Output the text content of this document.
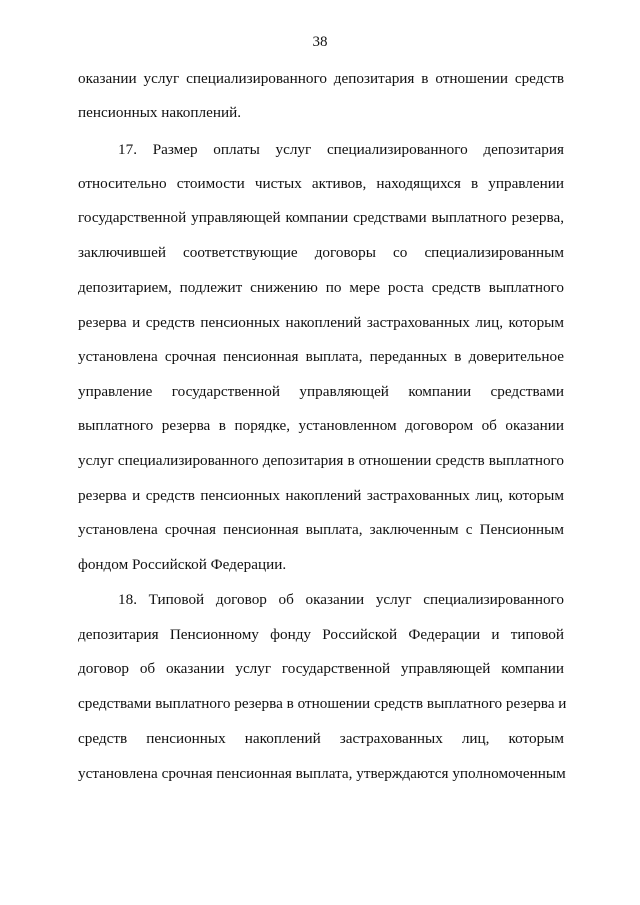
38
оказании услуг специализированного депозитария в отношении средств
пенсионных накоплений.
17. Размер оплаты услуг специализированного депозитария
относительно стоимости чистых активов, находящихся в управлении
государственной управляющей компании средствами выплатного резерва,
заключившей соответствующие договоры со специализированным
депозитарием, подлежит снижению по мере роста средств выплатного
резерва и средств пенсионных накоплений застрахованных лиц, которым
установлена срочная пенсионная выплата, переданных в доверительное
управление государственной управляющей компании средствами
выплатного резерва в порядке, установленном договором об оказании
услуг специализированного депозитария в отношении средств выплатного
резерва и средств пенсионных накоплений застрахованных лиц, которым
установлена срочная пенсионная выплата, заключенным с Пенсионным
фондом Российской Федерации.
18. Типовой договор об оказании услуг специализированного
депозитария Пенсионному фонду Российской Федерации и типовой
договор об оказании услуг государственной управляющей компании
средствами выплатного резерва в отношении средств выплатного резерва и
средств пенсионных накоплений застрахованных лиц, которым
установлена срочная пенсионная выплата, утверждаются уполномоченным
